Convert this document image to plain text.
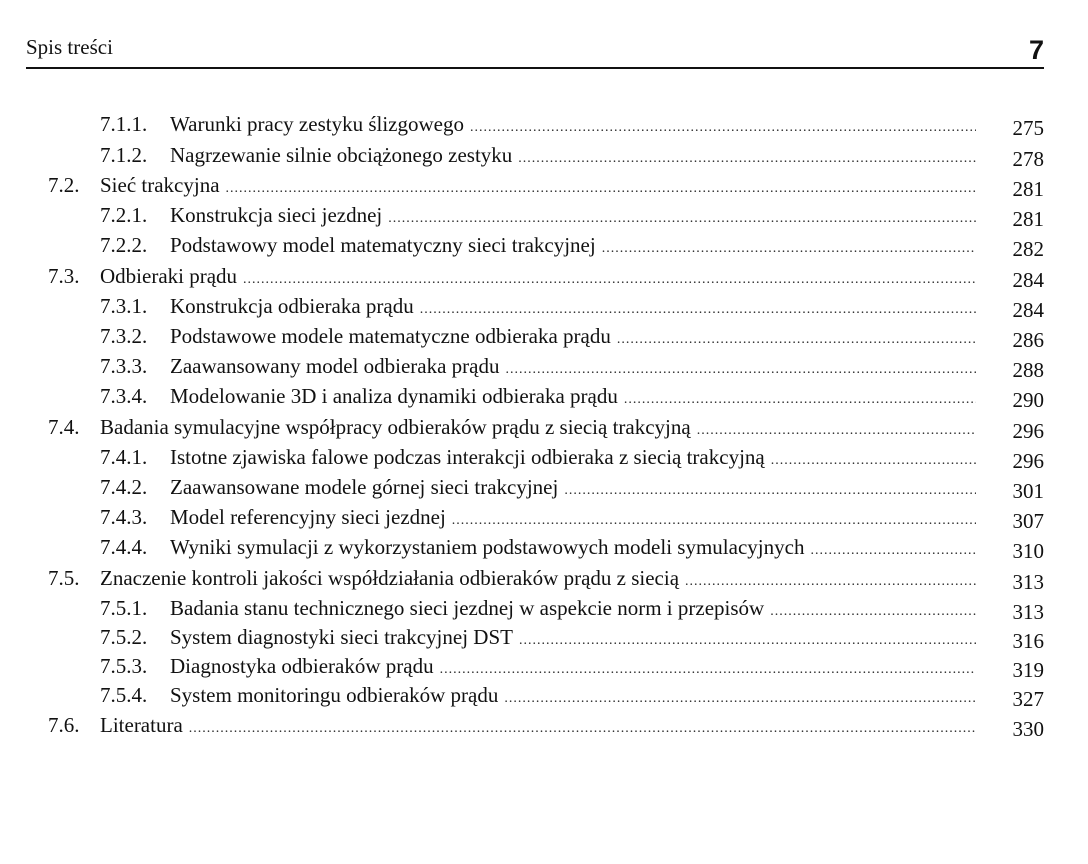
Spis treści	7
7.1.1.	Warunki pracy zestyku ślizgowego .....	275
7.1.2.	Nagrzewanie silnie obciążonego zestyku .....	278
7.2. Sieć trakcyjna .....	281
7.2.1.	Konstrukcja sieci jezdnej .....	281
7.2.2.	Podstawowy model matematyczny sieci trakcyjnej .....	282
7.3. Odbieraki prądu .....	284
7.3.1.	Konstrukcja odbieraka prądu .....	284
7.3.2.	Podstawowe modele matematyczne odbieraka prądu .....	286
7.3.3.	Zaawansowany model odbieraka prądu .....	288
7.3.4.	Modelowanie 3D i analiza dynamiki odbieraka prądu .....	290
7.4. Badania symulacyjne współpracy odbieraków prądu z siecią trakcyjną .....	296
7.4.1.	Istotne zjawiska falowe podczas interakcji odbieraka z siecią trakcyjną .....	296
7.4.2.	Zaawansowane modele górnej sieci trakcyjnej .....	301
7.4.3.	Model referencyjny sieci jezdnej .....	307
7.4.4.	Wyniki symulacji z wykorzystaniem podstawowych modeli symulacyjnych .....	310
7.5. Znaczenie kontroli jakości współdziałania odbieraków prądu z siecią .....	313
7.5.1.	Badania stanu technicznego sieci jezdnej w aspekcie norm i przepisów .....	313
7.5.2.	System diagnostyki sieci trakcyjnej DST .....	316
7.5.3.	Diagnostyka odbieraków prądu .....	319
7.5.4.	System monitoringu odbieraków prądu .....	327
7.6. Literatura .....	330
